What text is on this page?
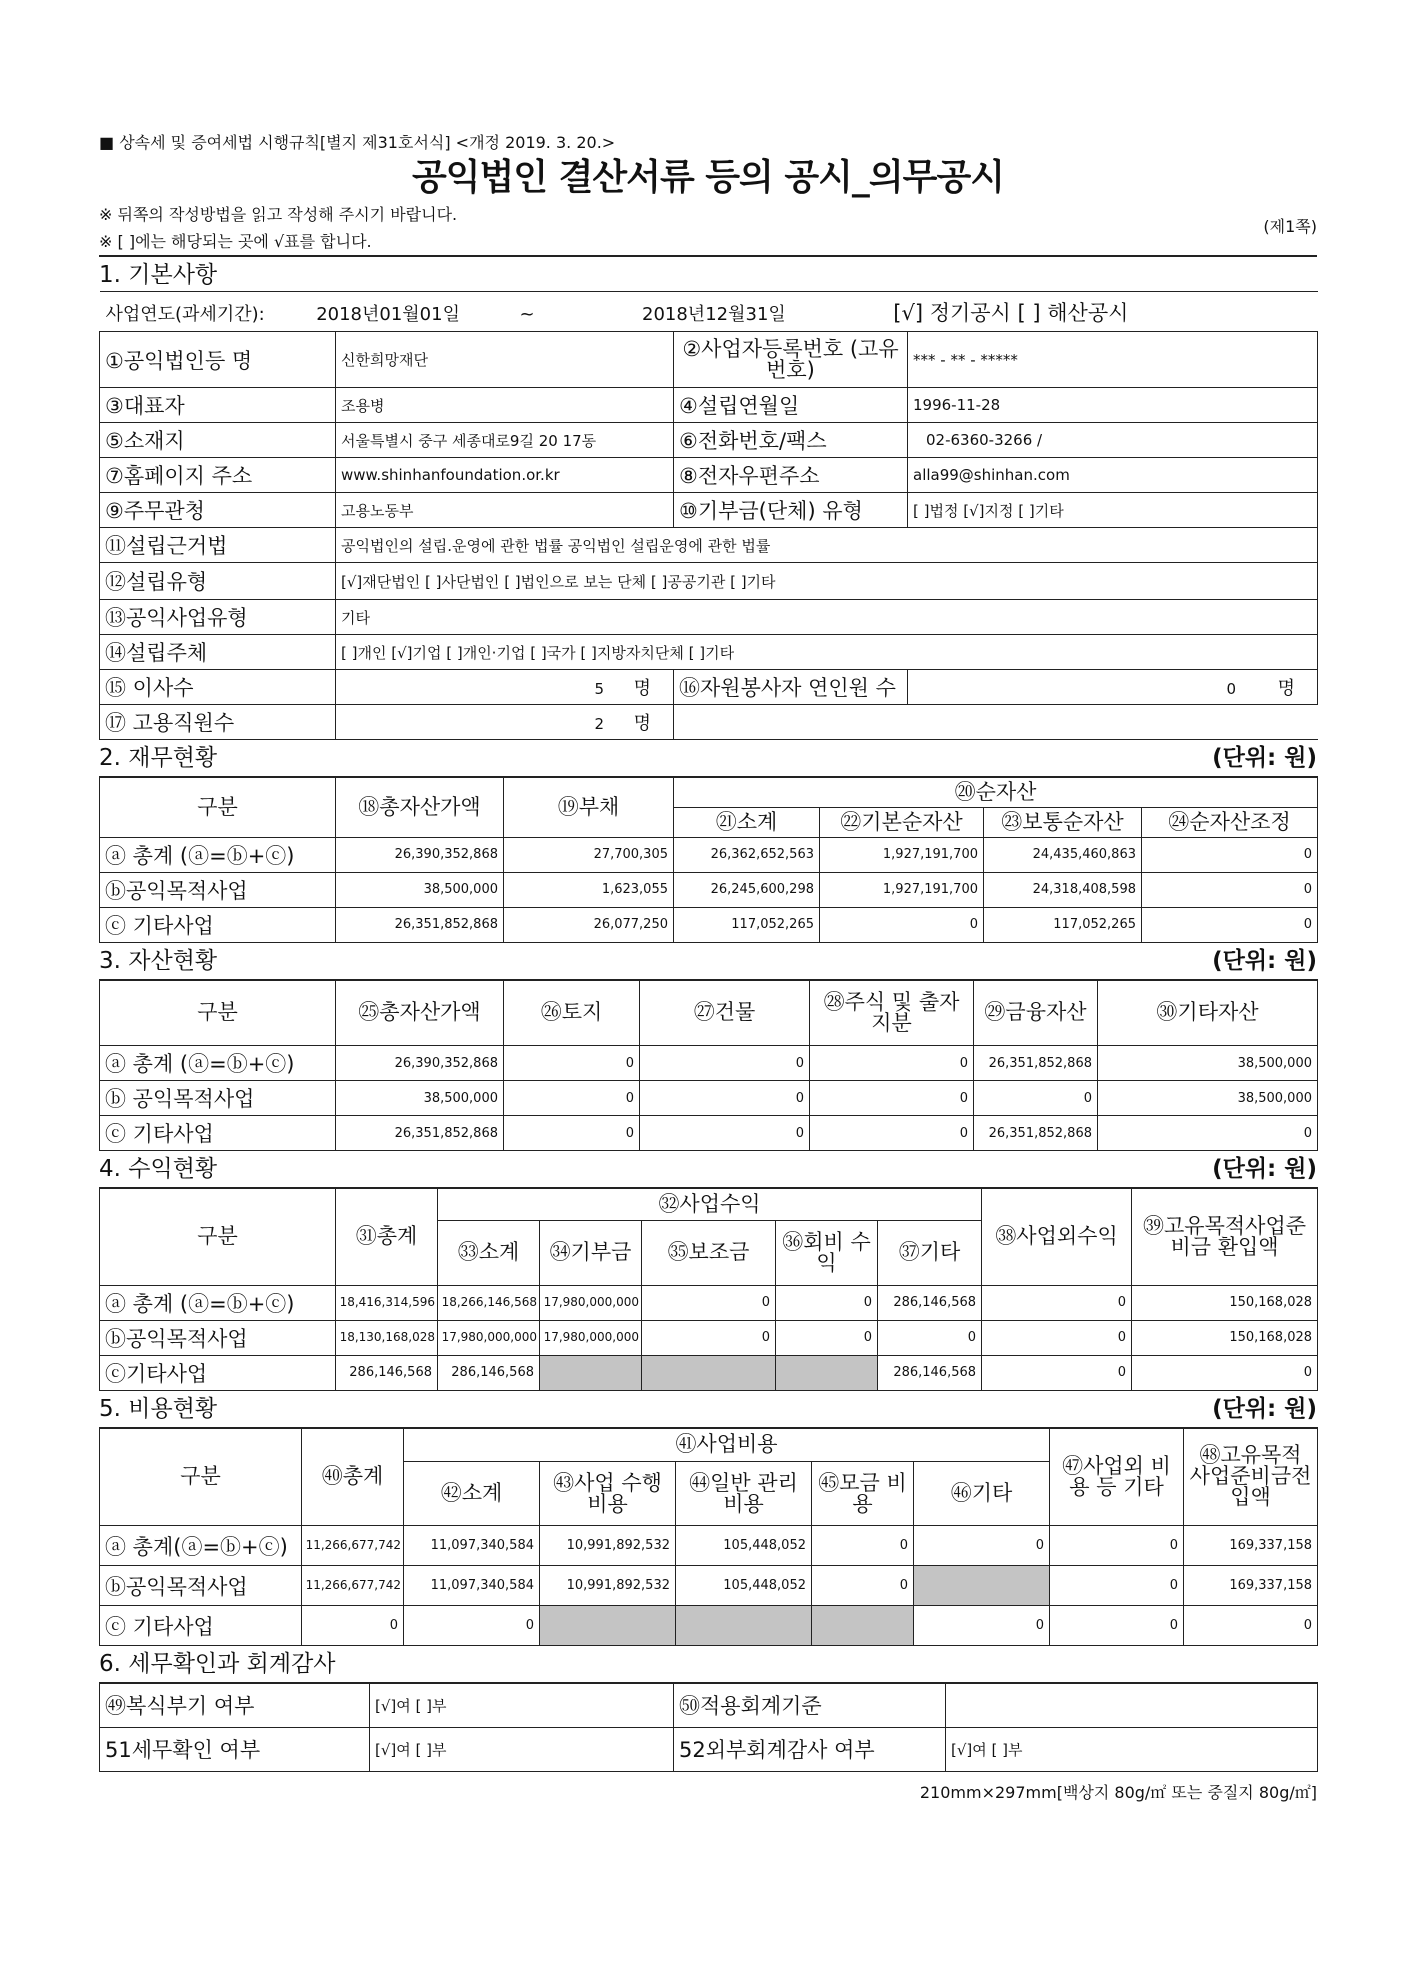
■ 상속세 및 증여세법 시행규칙[별지 제31호서식] <개정 2019. 3. 20.>
공익법인 결산서류 등의 공시_의무공시
※ 뒤쪽의 작성방법을 읽고 작성해 주시기 바랍니다.
※ [ ]에는 해당되는 곳에 √표를 합니다.
(제1쪽)
1. 기본사항
사업연도(과세기간): 2018년01월01일 ~ 2018년12월31일 [√] 정기공시 [ ] 해산공시			
①공익법인등 명	신한희망재단	②사업자등록번호 (고유번호)	*** - ** - *****
③대표자	조용병	④설립연월일	1996-11-28
⑤소재지	서울특별시 중구 세종대로9길 20 17동	⑥전화번호/팩스	02-6360-3266 /
⑦홈페이지 주소	www.shinhanfoundation.or.kr	⑧전자우편주소	alla99@shinhan.com
⑨주무관청	고용노동부	⑩기부금(단체) 유형	[ ]법정 [√]지정 [ ]기타
⑪설립근거법	공익법인의 설립.운영에 관한 법률 공익법인 설립운영에 관한 법률		
⑫설립유형	[√]재단법인 [ ]사단법인 [ ]법인으로 보는 단체 [ ]공공기관 [ ]기타		
⑬공익사업유형	기타		
⑭설립주체	[ ]개인 [√]기업 [ ]개인·기업 [ ]국가 [ ]지방자치단체 [ ]기타		
⑮ 이사수	5 명	⑯자원봉사자 연인원 수	0 명
⑰ 고용직원수	2 명		
2. 재무현황	(단위: 원)
구분	⑱총자산가액	⑲부채	⑳순자산			
			㉑소계	㉒기본순자산	㉓보통순자산	㉔순자산조정
ⓐ 총계 (ⓐ=ⓑ+ⓒ)	26,390,352,868	27,700,305	26,362,652,563	1,927,191,700	24,435,460,863	0
ⓑ공익목적사업	38,500,000	1,623,055	26,245,600,298	1,927,191,700	24,318,408,598	0
ⓒ 기타사업	26,351,852,868	26,077,250	117,052,265	0	117,052,265	0
3. 자산현황	(단위: 원)
구분	㉕총자산가액	㉖토지	㉗건물	㉘주식 및 출자지분	㉙금융자산	㉚기타자산
ⓐ 총계 (ⓐ=ⓑ+ⓒ)	26,390,352,868	0	0	0	26,351,852,868	38,500,000
ⓑ 공익목적사업	38,500,000	0	0	0	0	38,500,000
ⓒ 기타사업	26,351,852,868	0	0	0	26,351,852,868	0
4. 수익현황	(단위: 원)
구분	㉛총계	㉜사업수익					㊳사업외수익	㊴고유목적사업준비금 환입액
		㉝소계	㉞기부금	㉟보조금	㊱회비 수익	㊲기타		
ⓐ 총계 (ⓐ=ⓑ+ⓒ)	18,416,314,596	18,266,146,568	17,980,000,000	0	0	286,146,568	0	150,168,028
ⓑ공익목적사업	18,130,168,028	17,980,000,000	17,980,000,000	0	0	0	0	150,168,028
ⓒ기타사업	286,146,568	286,146,568				286,146,568	0	0
5. 비용현황	(단위: 원)
구분	㊵총계	㊶사업비용					㊼사업외 비용 등 기타	㊽고유목적 사업준비금전 입액
		㊷소계	㊸사업 수행비용	㊹일반 관리비용	㊺모금 비용	㊻기타		
ⓐ 총계(ⓐ=ⓑ+ⓒ)	11,266,677,742	11,097,340,584	10,991,892,532	105,448,052	0	0	0	169,337,158
ⓑ공익목적사업	11,266,677,742	11,097,340,584	10,991,892,532	105,448,052	0		0	169,337,158
ⓒ 기타사업	0	0				0	0	0
6. 세무확인과 회계감사
㊾복식부기 여부	[√]여 [ ]부	㊿적용회계기준	
51세무확인 여부	[√]여 [ ]부	52외부회계감사 여부	[√]여 [ ]부
210mm×297mm[백상지 80g/㎡ 또는 중질지 80g/㎡]
